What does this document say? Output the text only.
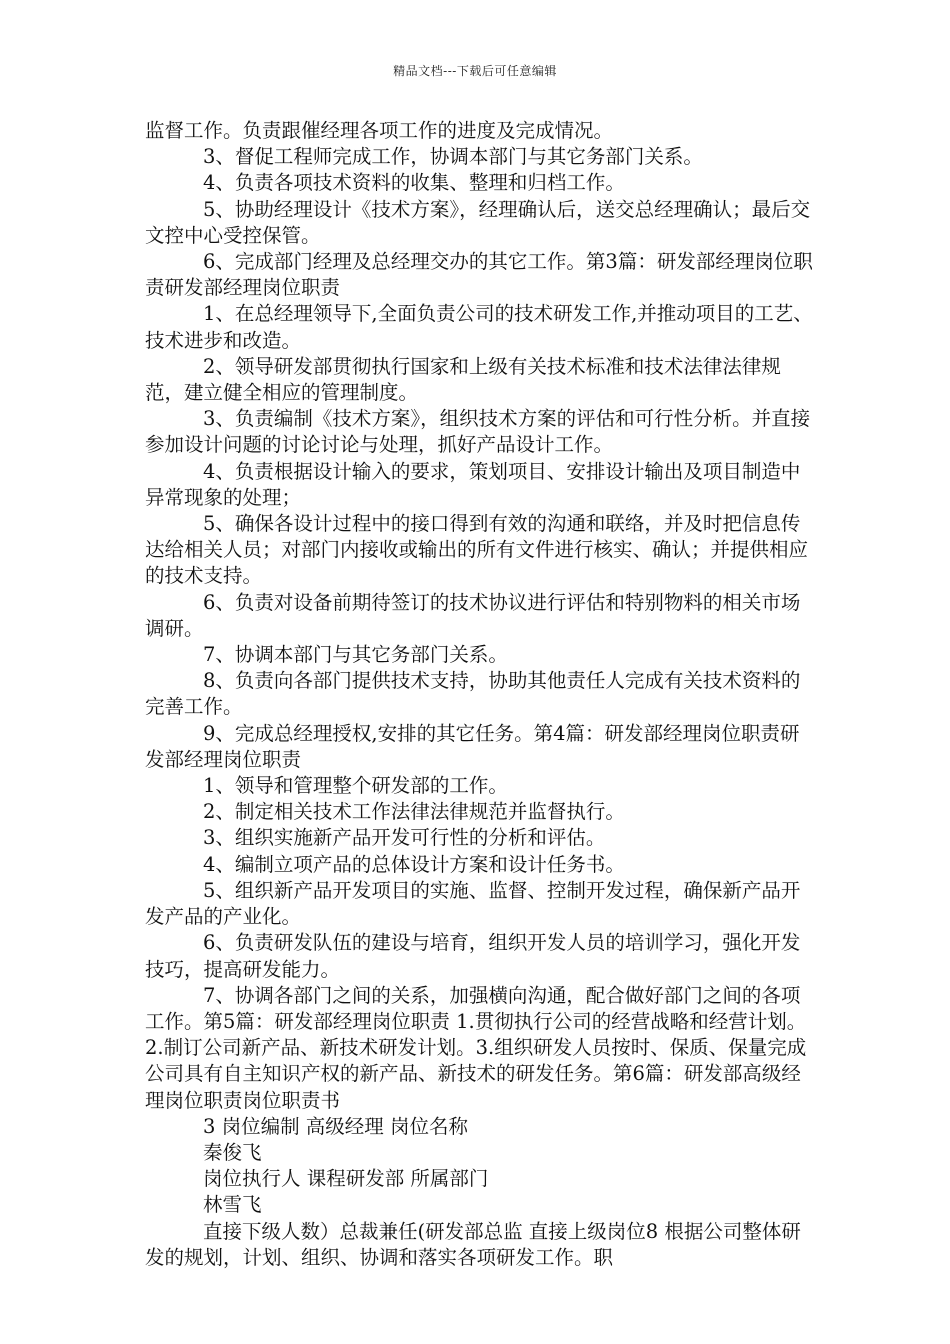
精品文档---下载后可任意编辑

监督工作。负责跟催经理各项工作的进度及完成情况。

3、督促工程师完成工作，协调本部门与其它务部门关系。

4、负责各项技术资料的收集、整理和归档工作。

5、协助经理设计《技术方案》，经理确认后，送交总经理确认；最后交文控中心受控保管。

6、完成部门经理及总经理交办的其它工作。第3篇：研发部经理岗位职责研发部经理岗位职责

1、在总经理领导下,全面负责公司的技术研发工作,并推动项目的工艺、技术进步和改造。

2、领导研发部贯彻执行国家和上级有关技术标准和技术法律法律规范，建立健全相应的管理制度。

3、负责编制《技术方案》，组织技术方案的评估和可行性分析。并直接参加设计问题的讨论讨论与处理，抓好产品设计工作。

4、负责根据设计输入的要求，策划项目、安排设计输出及项目制造中异常现象的处理；

5、确保各设计过程中的接口得到有效的沟通和联络，并及时把信息传达给相关人员；对部门内接收或输出的所有文件进行核实、确认；并提供相应的技术支持。

6、负责对设备前期待签订的技术协议进行评估和特别物料的相关市场调研。

7、协调本部门与其它务部门关系。

8、负责向各部门提供技术支持，协助其他责任人完成有关技术资料的完善工作。

9、完成总经理授权,安排的其它任务。第4篇：研发部经理岗位职责研发部经理岗位职责

1、领导和管理整个研发部的工作。

2、制定相关技术工作法律法律规范并监督执行。

3、组织实施新产品开发可行性的分析和评估。

4、编制立项产品的总体设计方案和设计任务书。

5、组织新产品开发项目的实施、监督、控制开发过程，确保新产品开发产品的产业化。

6、负责研发队伍的建设与培育，组织开发人员的培训学习，强化开发技巧，提高研发能力。

7、协调各部门之间的关系，加强横向沟通，配合做好部门之间的各项工作。第5篇：研发部经理岗位职责 1.贯彻执行公司的经营战略和经营计划。2.制订公司新产品、新技术研发计划。3.组织研发人员按时、保质、保量完成公司具有自主知识产权的新产品、新技术的研发任务。第6篇：研发部高级经理岗位职责岗位职责书

3 岗位编制 高级经理 岗位名称

秦俊飞

岗位执行人 课程研发部 所属部门

林雪飞

直接下级人数）总裁兼任(研发部总监 直接上级岗位8 根据公司整体研发的规划，计划、组织、协调和落实各项研发工作。职
